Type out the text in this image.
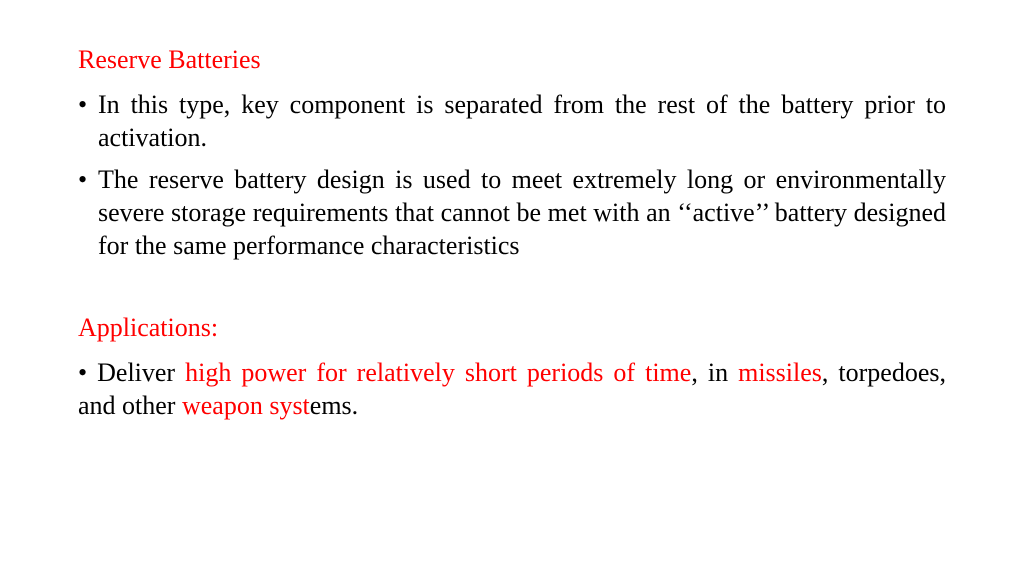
Reserve Batteries
• In this type, key component is separated from the rest of the battery prior to activation.
• The reserve battery design is used to meet extremely long or environmentally severe storage requirements that cannot be met with an ‘‘active’’ battery designed for the same performance characteristics
Applications:
• Deliver high power for relatively short periods of time, in missiles, torpedoes, and other weapon systems.
